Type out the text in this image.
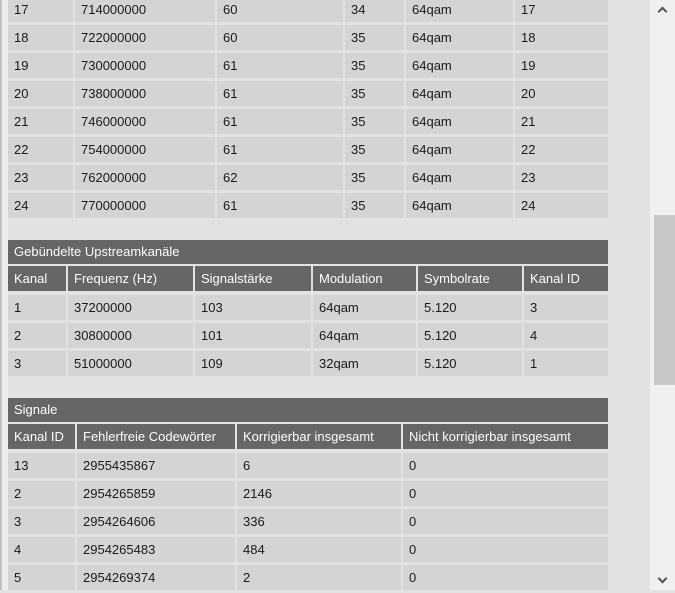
17	714000000	60	34	64qam	17
18	722000000	60	35	64qam	18
19	730000000	61	35	64qam	19
20	738000000	61	35	64qam	20
21	746000000	61	35	64qam	21
22	754000000	61	35	64qam	22
23	762000000	62	35	64qam	23
24	770000000	61	35	64qam	24
Gebündelte Upstreamkanäle
Kanal	Frequenz (Hz)	Signalstärke	Modulation	Symbolrate	Kanal ID
1	37200000	103	64qam	5.120	3
2	30800000	101	64qam	5.120	4
3	51000000	109	32qam	5.120	1
Signale
Kanal ID	Fehlerfreie Codewörter	Korrigierbar insgesamt	Nicht korrigierbar insgesamt
13	2955435867	6	0
2	2954265859	2146	0
3	2954264606	336	0
4	2954265483	484	0
5	2954269374	2	0
